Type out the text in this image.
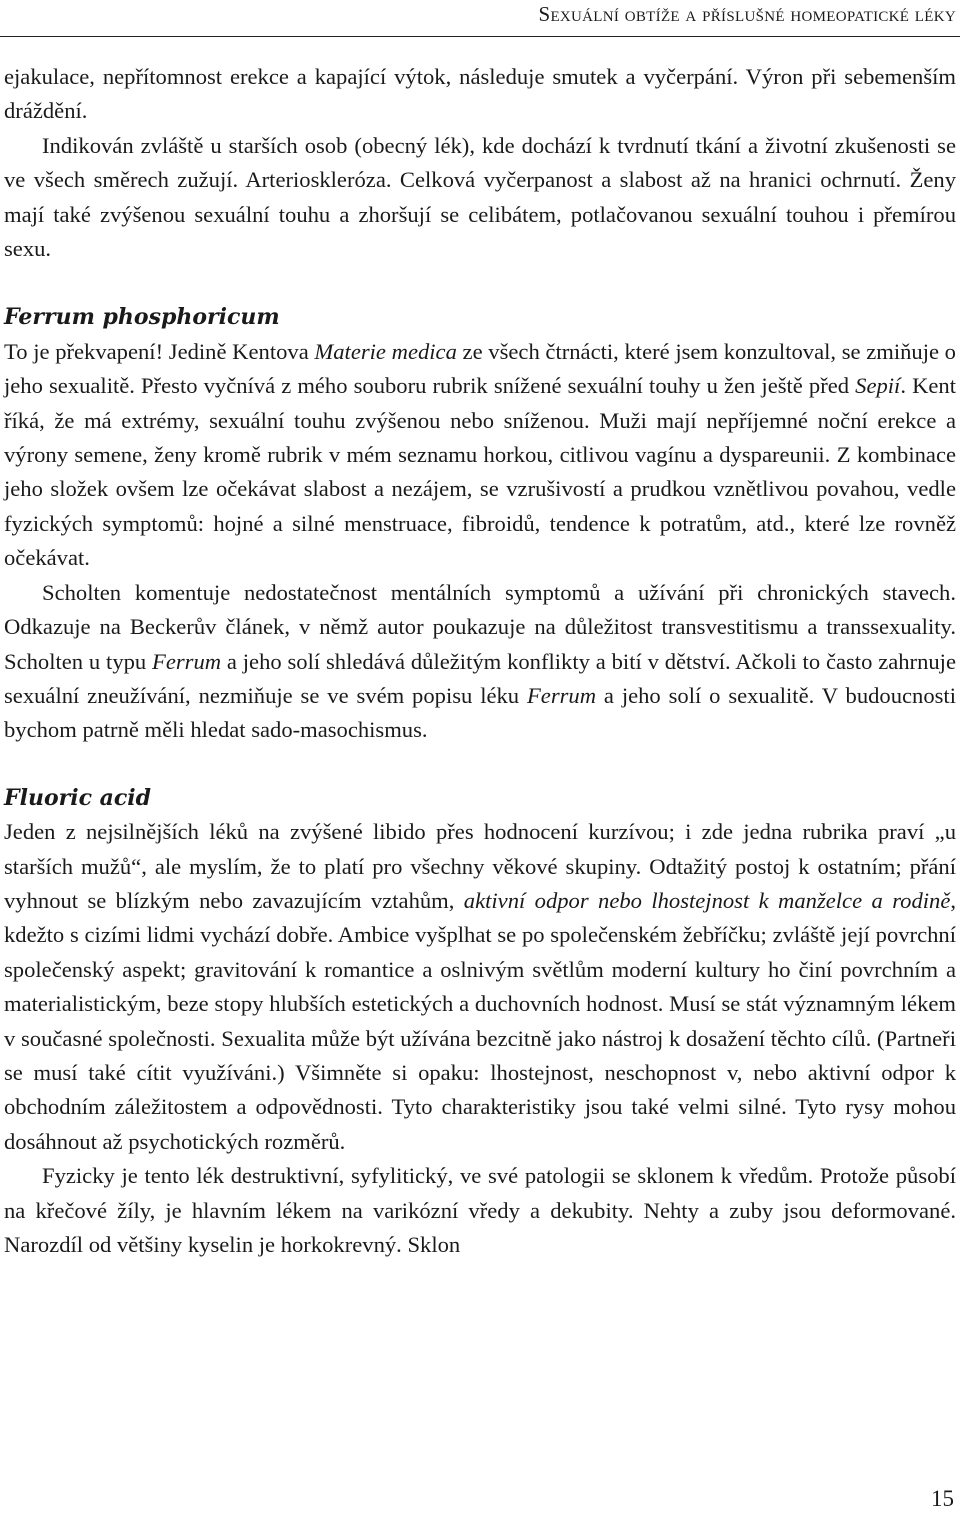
Sexuální obtíže a příslušné homeopatické léky

ejakulace, nepřítomnost erekce a kapající výtok, následuje smutek a vyčerpání. Výron při sebemenším dráždění.

Indikován zvláště u starších osob (obecný lék), kde dochází k tvrdnutí tkání a životní zkušenosti se ve všech směrech zužují. Arterioskleróza. Celková vyčerpanost a slabost až na hranici ochrnutí. Ženy mají také zvýšenou sexuální touhu a zhoršují se celibátem, potlačovanou sexuální touhou i přemírou sexu.

Ferrum phosphoricum

To je překvapení! Jedině Kentova Materie medica ze všech čtrnácti, které jsem konzultoval, se zmiňuje o jeho sexualitě. Přesto vyčnívá z mého souboru rubrik snížené sexuální touhy u žen ještě před Sepií. Kent říká, že má extrémy, sexuální touhu zvýšenou nebo sníženou. Muži mají nepříjemné noční erekce a výrony semene, ženy kromě rubrik v mém seznamu horkou, citlivou vagínu a dyspareunii. Z kombinace jeho složek ovšem lze očekávat slabost a nezájem, se vzrušivostí a prudkou vznětlivou povahou, vedle fyzických symptomů: hojné a silné menstruace, fibroidů, tendence k potratům, atd., které lze rovněž očekávat.

Scholten komentuje nedostatečnost mentálních symptomů a užívání při chronických stavech. Odkazuje na Beckerův článek, v němž autor poukazuje na důležitost transvestitismu a transsexuality. Scholten u typu Ferrum a jeho solí shledává důležitým konflikty a bití v dětství. Ačkoli to často zahrnuje sexuální zneužívání, nezmiňuje se ve svém popisu léku Ferrum a jeho solí o sexualitě. V budoucnosti bychom patrně měli hledat sado-masochismus.

Fluoric acid

Jeden z nejsilnějších léků na zvýšené libido přes hodnocení kurzívou; i zde jedna rubrika praví „u starších mužů“, ale myslím, že to platí pro všechny věkové skupiny. Odtažitý postoj k ostatním; přání vyhnout se blízkým nebo zavazujícím vztahům, aktivní odpor nebo lhostejnost k manželce a rodině, kdežto s cizími lidmi vychází dobře. Ambice vyšplhat se po společenském žebříčku; zvláště její povrchní společenský aspekt; gravitování k romantice a oslnivým světlům moderní kultury ho činí povrchním a materialistickým, beze stopy hlubších estetických a duchovních hodnost. Musí se stát významným lékem v současné společnosti. Sexualita může být užívána bezcitně jako nástroj k dosažení těchto cílů. (Partneři se musí také cítit využíváni.) Všimněte si opaku: lhostejnost, neschopnost v, nebo aktivní odpor k obchodním záležitostem a odpovědnosti. Tyto charakteristiky jsou také velmi silné. Tyto rysy mohou dosáhnout až psychotických rozměrů.

Fyzicky je tento lék destruktivní, syfylitický, ve své patologii se sklonem k vředům. Protože působí na křečové žíly, je hlavním lékem na varikózní vředy a dekubity. Nehty a zuby jsou deformované. Narozdíl od většiny kyselin je horkokrevný. Sklon

15
